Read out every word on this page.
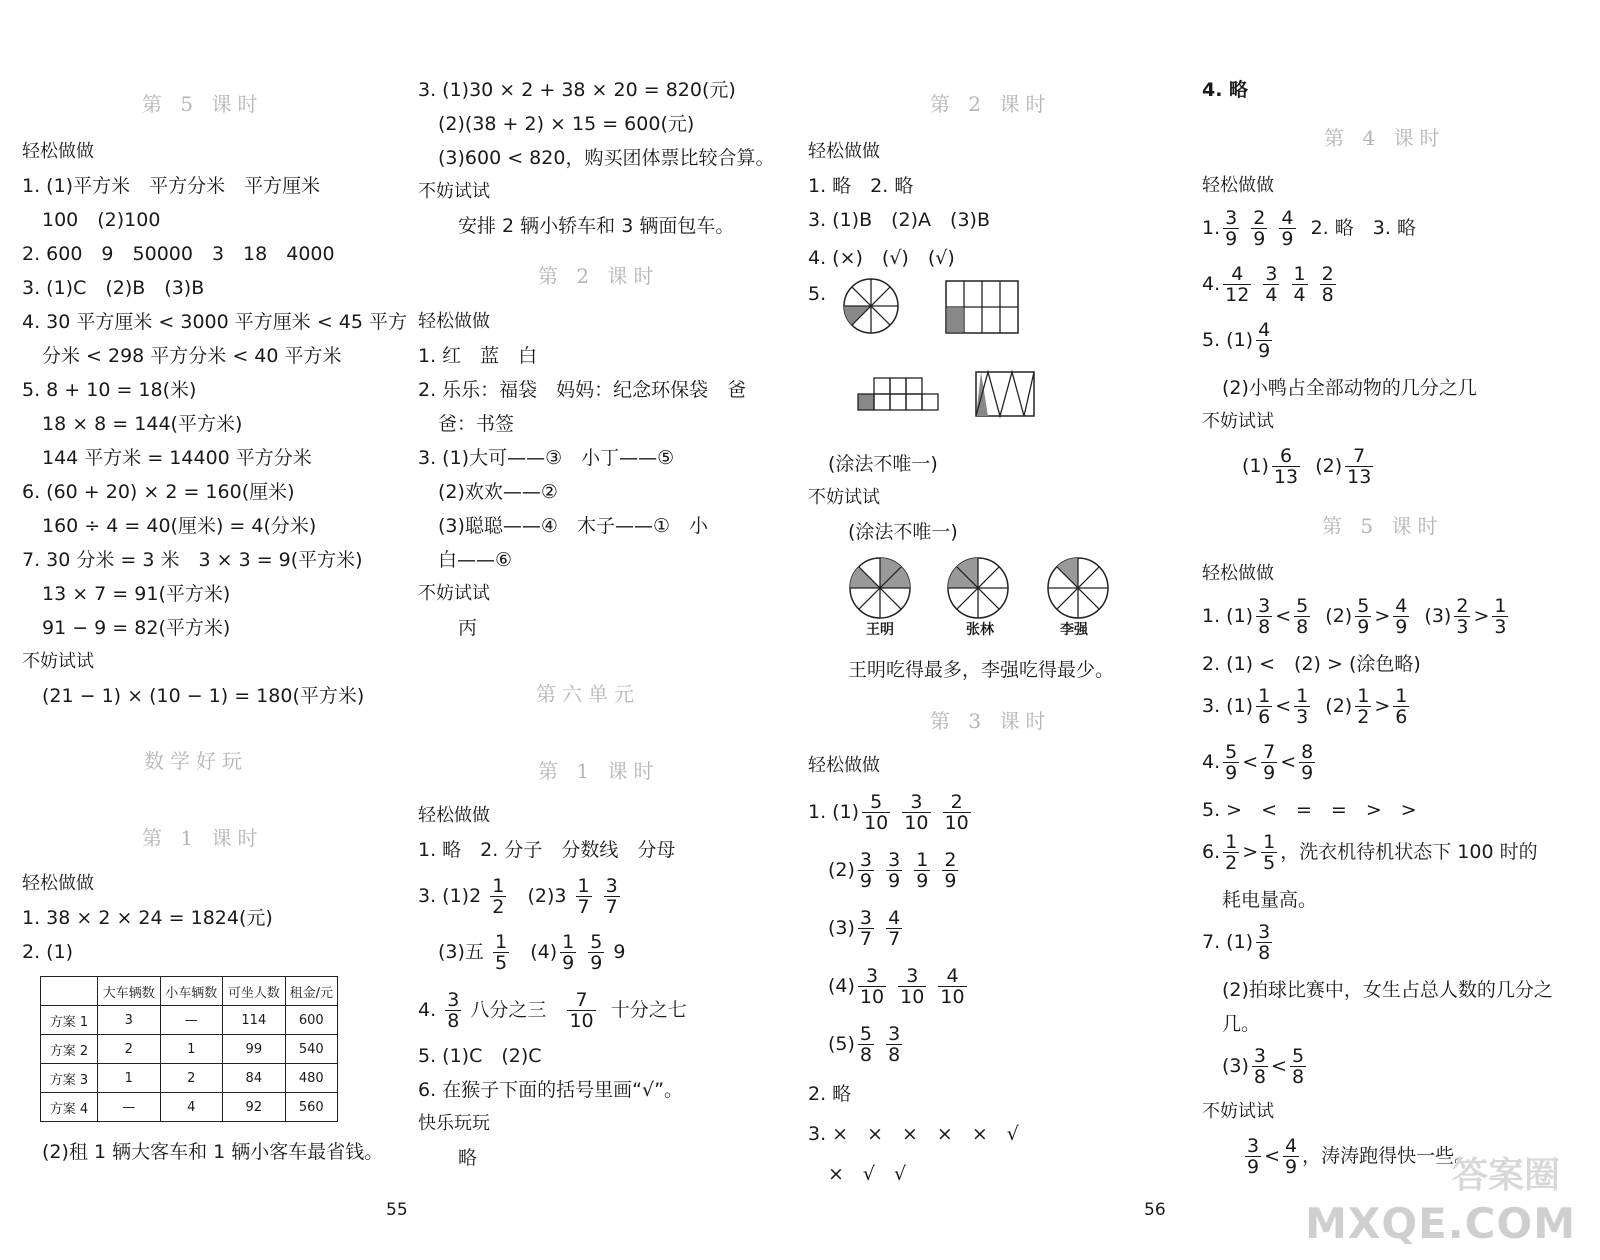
第 5 课时
轻松做做
1. (1)平方米　平方分米　平方厘米
100　(2)100
2. 600　9　50000　3　18　4000
3. (1)C　(2)B　(3)B
4. 30 平方厘米 < 3000 平方厘米 < 45 平方
分米 < 298 平方分米 < 40 平方米
5. 8 + 10 = 18(米)
18 × 8 = 144(平方米)
144 平方米 = 14400 平方分米
6. (60 + 20) × 2 = 160(厘米)
160 ÷ 4 = 40(厘米) = 4(分米)
7. 30 分米 = 3 米　3 × 3 = 9(平方米)
13 × 7 = 91(平方米)
91 − 9 = 82(平方米)
不妨试试
(21 − 1) × (10 − 1) = 180(平方米)
数学好玩
第 1 课时
轻松做做
1. 38 × 2 × 24 = 1824(元)
2. (1)
	大车辆数	小车辆数	可坐人数	租金/元
方案 1	3	—	114	600
方案 2	2	1	99	540
方案 3	1	2	84	480
方案 4	—	4	92	560
(2)租 1 辆大客车和 1 辆小客车最省钱。
3. (1)30 × 2 + 38 × 20 = 820(元)
(2)(38 + 2) × 15 = 600(元)
(3)600 < 820，购买团体票比较合算。
不妨试试
安排 2 辆小轿车和 3 辆面包车。
第 2 课时
轻松做做
1. 红　蓝　白
2. 乐乐：福袋　妈妈：纪念环保袋　爸
爸：书签
3. (1)大可——③　小丁——⑤
(2)欢欢——②
(3)聪聪——④　木子——①　小
白——⑥
不妨试试
丙
第六单元
第 1 课时
轻松做做
1. 略　2. 分子　分数线　分母
3. $(1)2 \frac{1}{2} (2)3 \frac{1}{7}$
$\frac{3}{7}$
(3)五 $\frac{1}{5} (4) \frac{1}{9}$
$\frac{5}{9} 9$
4. $\frac{3}{8}$ 八分之三 $\frac{7}{10}$ 十分之七
5. (1)C　(2)C
6. 在猴子下面的括号里画“√”。
快乐玩玩
略
55
第 2 课时
轻松做做
1. 略　2. 略
3. (1)B　(2)A　(3)B
4. (×)　(√)　(√)
5.
(涂法不唯一)
不妨试试
(涂法不唯一)
王明	张林	李强
王明吃得最多，李强吃得最少。
第 3 课时
轻松做做
1. $(1) \frac{5}{10}$
$\frac{3}{10}$
$\frac{2}{10}$
$(2) \frac{3}{9}$
$\frac{3}{9}$
$\frac{1}{9}$
$\frac{2}{9}$
$(3) \frac{3}{7}$
$\frac{4}{7}$
$(4) \frac{3}{10}$
$\frac{3}{10}$
$\frac{4}{10}$
$(5) \frac{5}{8}$
$\frac{3}{8}$
2. 略
3. ×　×　×　×　×　√
×　√　√
56
4. 略
第 4 课时
轻松做做
1. $\frac{3}{9}$
$\frac{2}{9}$
$\frac{4}{9} 2$. 略　3. 略
4. $\frac{4}{12}$
$\frac{3}{4}$
$\frac{1}{4}$
$\frac{2}{8}$
5. $(1) \frac{4}{9}$
(2)小鸭占全部动物的几分之几
不妨试试
$(1) \frac{6}{13} (2) \frac{7}{13}$
第 5 课时
轻松做做
1. $(1) \frac{3}{8} < \frac{5}{8} (2) \frac{5}{9} > \frac{4}{9} (3) \frac{2}{3} > \frac{1}{3}$
2. (1) <　(2) > (涂色略)
3. $(1) \frac{1}{6} < \frac{1}{3} (2) \frac{1}{2} > \frac{1}{6}$
4. $\frac{5}{9} < \frac{7}{9} < \frac{8}{9}$
5. >　<　=　=　>　>
6. $\frac{1}{2} > \frac{1}{5}$ ，洗衣机待机状态下 100 时的
耗电量高。
7. $(1) \frac{3}{8}$
(2)拍球比赛中，女生占总人数的几分之
几。
$(3) \frac{3}{8} < \frac{5}{8}$
不妨试试
$\frac{3}{9} < \frac{4}{9}$ ，涛涛跑得快一些。
答案圈
MXQE.COM
